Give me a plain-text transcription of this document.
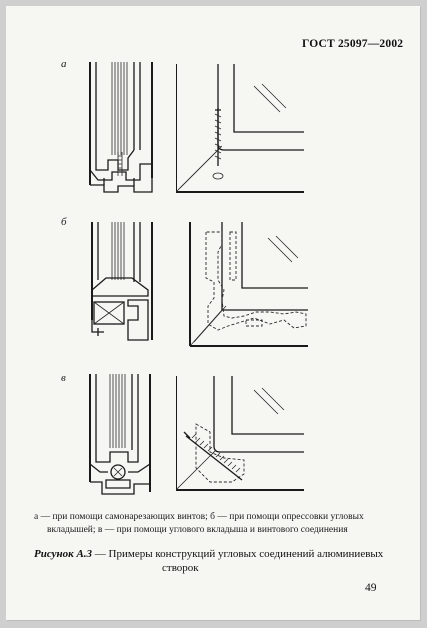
ГОСТ 25097—2002
а
б
в

а — при помощи самонарезающих винтов; б — при помощи опрессовки угловых

вкладышей; в — при помощи углового вкладыша и винтового соединения

Рисунок А.3 — Примеры конструкций угловых соединений алюминиевых
створок
49
